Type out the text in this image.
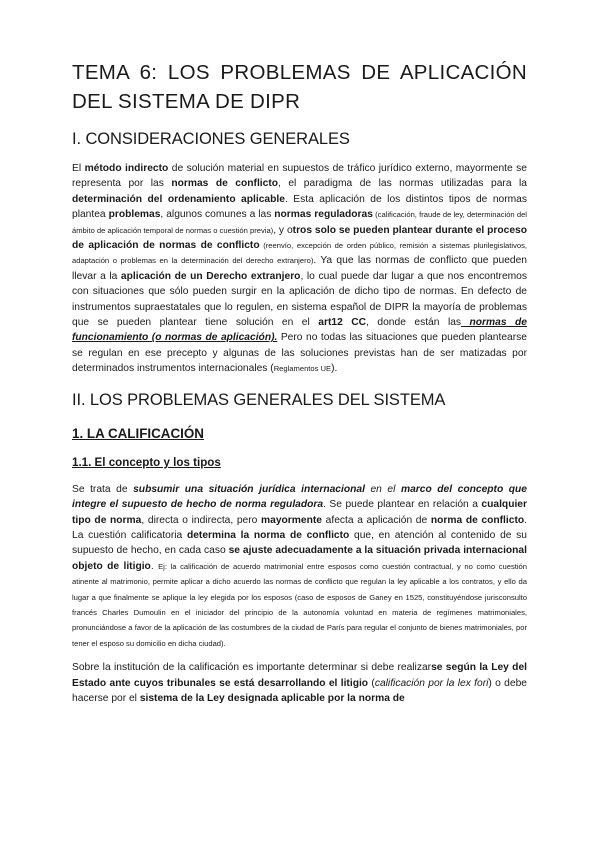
TEMA 6: LOS PROBLEMAS DE APLICACIÓN
DEL SISTEMA DE DIPR
I. CONSIDERACIONES GENERALES

El método indirecto de solución material en supuestos de tráfico jurídico externo, mayormente se representa por las normas de conflicto, el paradigma de las normas utilizadas para la determinación del ordenamiento aplicable. Esta aplicación de los distintos tipos de normas plantea problemas, algunos comunes a las normas reguladoras (calificación, fraude de ley, determinación del ámbito de aplicación temporal de normas o cuestión previa), y otros solo se pueden plantear durante el proceso de aplicación de normas de conflicto (reenvío, excepción de orden público, remisión a sistemas plurilegislativos, adaptación o problemas en la determinación del derecho extranjero). Ya que las normas de conflicto que pueden llevar a la aplicación de un Derecho extranjero, lo cual puede dar lugar a que nos encontremos con situaciones que sólo pueden surgir en la aplicación de dicho tipo de normas. En defecto de instrumentos supraestatales que lo regulen, en sistema español de DIPR la mayoría de problemas que se pueden plantear tiene solución en el art12 CC, donde están las normas de funcionamiento (o normas de aplicación). Pero no todas las situaciones que pueden plantearse se regulan en ese precepto y algunas de las soluciones previstas han de ser matizadas por determinados instrumentos internacionales (Reglamentos UE).

II. LOS PROBLEMAS GENERALES DEL SISTEMA
1. LA CALIFICACIÓN
1.1. El concepto y los tipos

Se trata de subsumir una situación jurídica internacional en el marco del concepto que integre el supuesto de hecho de norma reguladora. Se puede plantear en relación a cualquier tipo de norma, directa o indirecta, pero mayormente afecta a aplicación de norma de conflicto. La cuestión calificatoria determina la norma de conflicto que, en atención al contenido de su supuesto de hecho, en cada caso se ajuste adecuadamente a la situación privada internacional objeto de litigio. Ej: la calificación de acuerdo matrimonial entre esposos como cuestión contractual, y no como cuestión atinente al matrimonio, permite aplicar a dicho acuerdo las normas de conflicto que regulan la ley aplicable a los contratos, y ello da lugar a que finalmente se aplique la ley elegida por los esposos (caso de esposos de Ganey en 1525, constituyéndose jurisconsulto francés Charles Dumoulin en el iniciador del principio de la autonomía voluntad en materia de regímenes matrimoniales, pronunciándose a favor de la aplicación de las costumbres de la ciudad de París para regular el conjunto de bienes matrimoniales, por tener el esposo su domicilio en dicha ciudad).

Sobre la institución de la calificación es importante determinar si debe realizarse según la Ley del Estado ante cuyos tribunales se está desarrollando el litigio (calificación por la lex fori) o debe hacerse por el sistema de la Ley designada aplicable por la norma de
